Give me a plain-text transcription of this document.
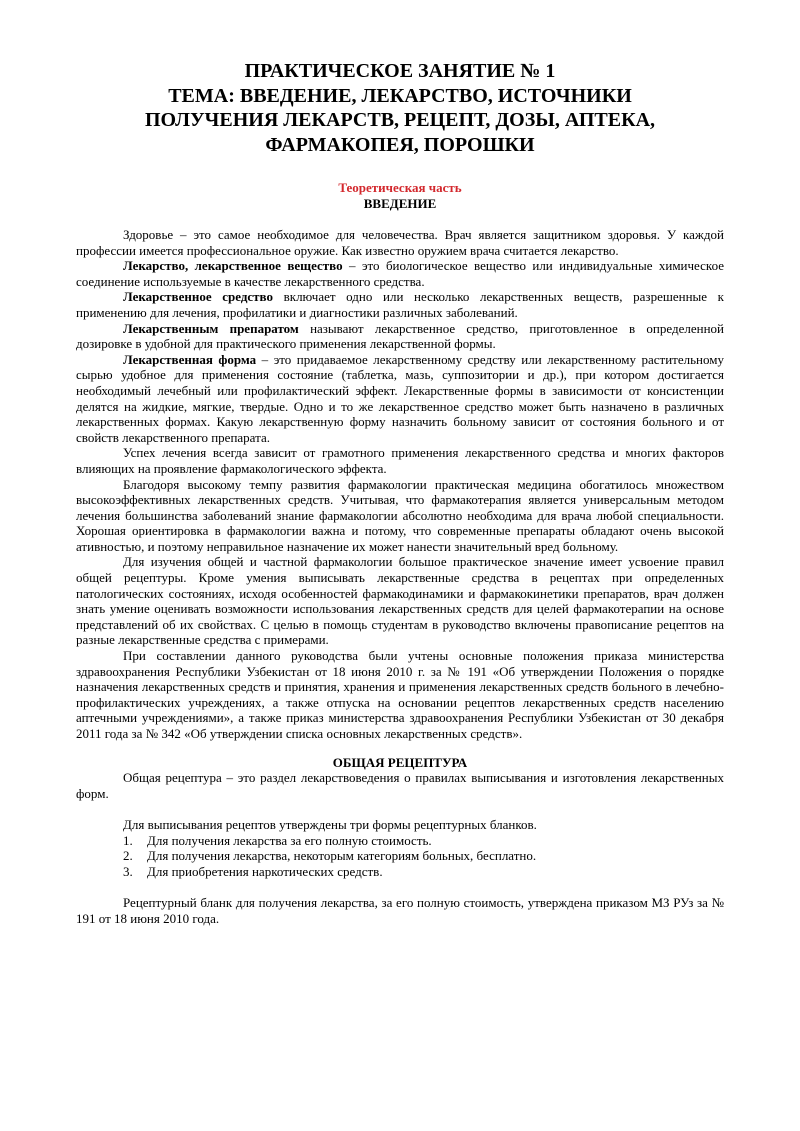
ПРАКТИЧЕСКОЕ ЗАНЯТИЕ № 1
ТЕМА: ВВЕДЕНИЕ, ЛЕКАРСТВО, ИСТОЧНИКИ
ПОЛУЧЕНИЯ ЛЕКАРСТВ, РЕЦЕПТ, ДОЗЫ, АПТЕКА,
ФАРМАКОПЕЯ, ПОРОШКИ
Теоретическая часть
ВВЕДЕНИЕ

Здоровье – это самое необходимое для человечества. Врач является защитником здоровья. У каждой профессии имеется профессиональное оружие. Как известно оружием врача считается лекарство.

Лекарство, лекарственное вещество – это биологическое вещество или индивидуальные химическое соединение используемые в качестве лекарственного средства.

Лекарственное средство включает одно или несколько лекарственных веществ, разрешенные к применению для лечения, профилатики и диагностики различных заболеваний.

Лекарственным препаратом называют лекарственное средство, приготовленное в определенной дозировке в удобной для практического применения лекарственной формы.

Лекарственная форма – это придаваемое лекарственному средству или лекарственному растительному сырью удобное для применения состояние (таблетка, мазь, суппозитории и др.), при котором достигается необходимый лечебный или профилактический эффект. Лекарственные формы в зависимости от консистенции делятся на жидкие, мягкие, твердые. Одно и то же лекарственное средство может быть назначено в различных лекарственных формах. Какую лекарственную форму назначить больному зависит от состояния больного и от свойств лекарственного препарата.

Успех лечения всегда зависит от грамотного применения лекарственного средства и многих факторов влияющих на проявление фармакологического эффекта.

Благодоря высокому темпу развития фармакологии практическая медицина обогатилось множеством высокоэффективных лекарственных средств. Учитывая, что фармакотерапия является универсальным методом лечения большинства заболеваний знание фармакологии абсолютно необходима для врача любой специальности. Хорошая ориентировка в фармакологии важна и потому, что современные препараты обладают очень высокой ативностью, и поэтому неправильное назначение их может нанести значительный вред больному.

Для изучения общей и частной фармакологии большое практическое значение имеет усвоение правил общей рецептуры. Кроме умения выписывать лекарственные средства в рецептах при определенных патологических состояниях, исходя особенностей фармакодинамики и фармакокинетики препаратов, врач должен знать умение оценивать возможности использования лекарственных средств для целей фармакотерапии на основе представлений об их свойствах. С целью в помощь студентам в руководство включены правописание рецептов на разные лекарственные средства с примерами.

При составлении данного руководства были учтены основные положения приказа министерства здравоохранения Республики Узбекистан от 18 июня 2010 г. за № 191 «Об утверждении Положения о порядке назначения лекарственных средств и принятия, хранения и применения лекарственных средств больного в лечебно-профилактических учреждениях, а также отпуска на основании рецептов лекарственных средств населению аптечными учреждениями», а также приказ министерства здравоохранения Республики Узбекистан от 30 декабря 2011 года за № 342 «Об утверждении списка основных лекарственных средств».

ОБЩАЯ РЕЦЕПТУРА

Общая рецептура – это раздел лекарствоведения о правилах выписывания и изготовления лекарственных форм.

Для выписывания рецептов утверждены три формы рецептурных бланков.

1. Для получения лекарства за его полную стоимость.
2. Для получения лекарства, некоторым категориям больных, бесплатно.
3. Для приобретения наркотических средств.

Рецептурный бланк для получения лекарства, за его полную стоимость, утверждена приказом МЗ РУз за № 191 от 18 июня 2010 года.
